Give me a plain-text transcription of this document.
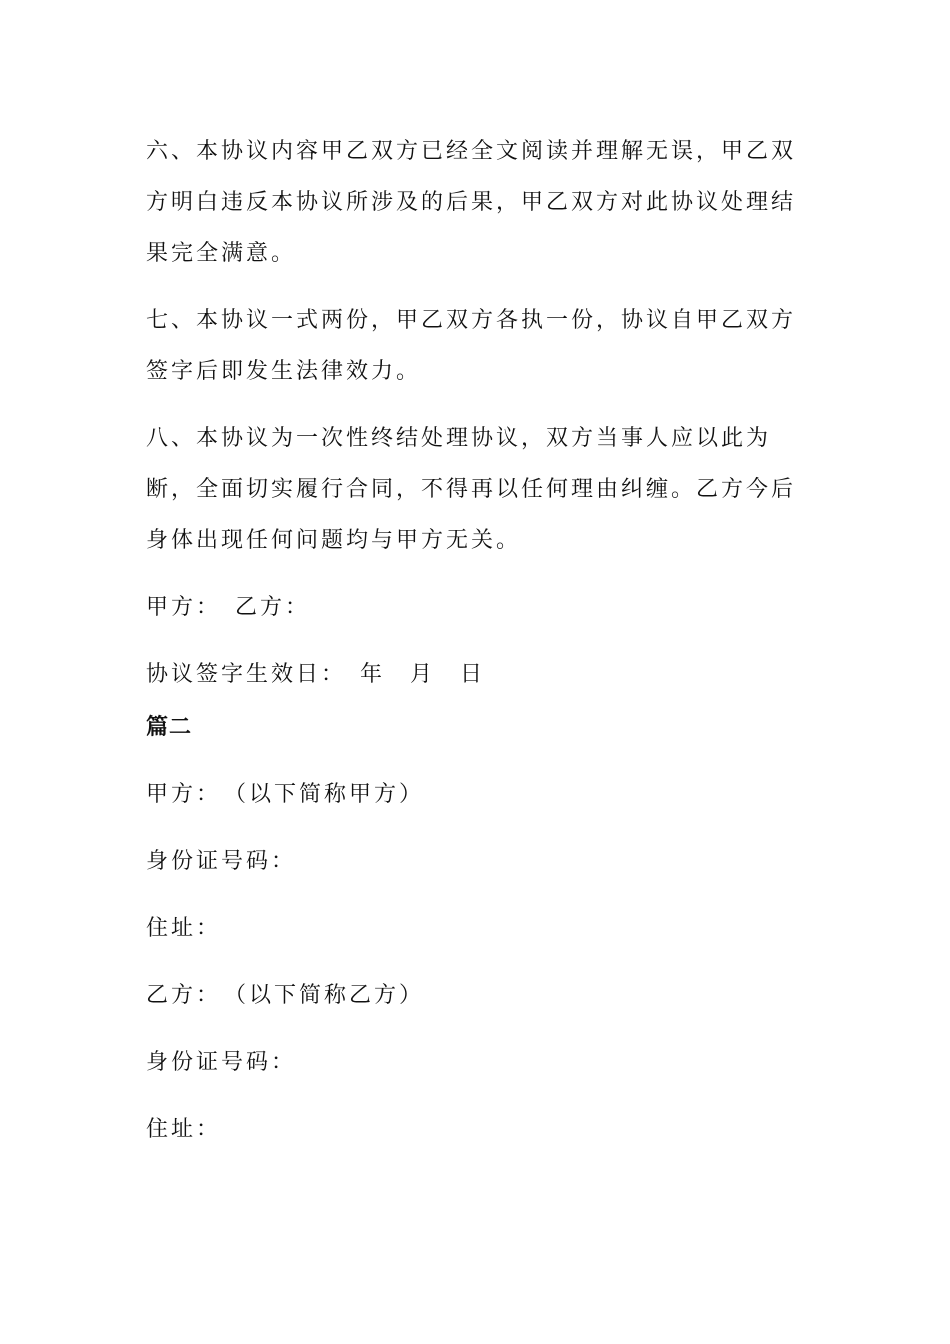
六、本协议内容甲乙双方已经全文阅读并理解无误，甲乙双方明白违反本协议所涉及的后果，甲乙双方对此协议处理结果完全满意。

七、本协议一式两份，甲乙双方各执一份，协议自甲乙双方签字后即发生法律效力。

八、本协议为一次性终结处理协议，双方当事人应以此为断，全面切实履行合同，不得再以任何理由纠缠。乙方今后身体出现任何问题均与甲方无关。

甲方：　乙方：

协议签字生效日：　年　月　日

篇二

甲方：　（以下简称甲方）

身份证号码：

住址：

乙方：　（以下简称乙方）

身份证号码：

住址：
